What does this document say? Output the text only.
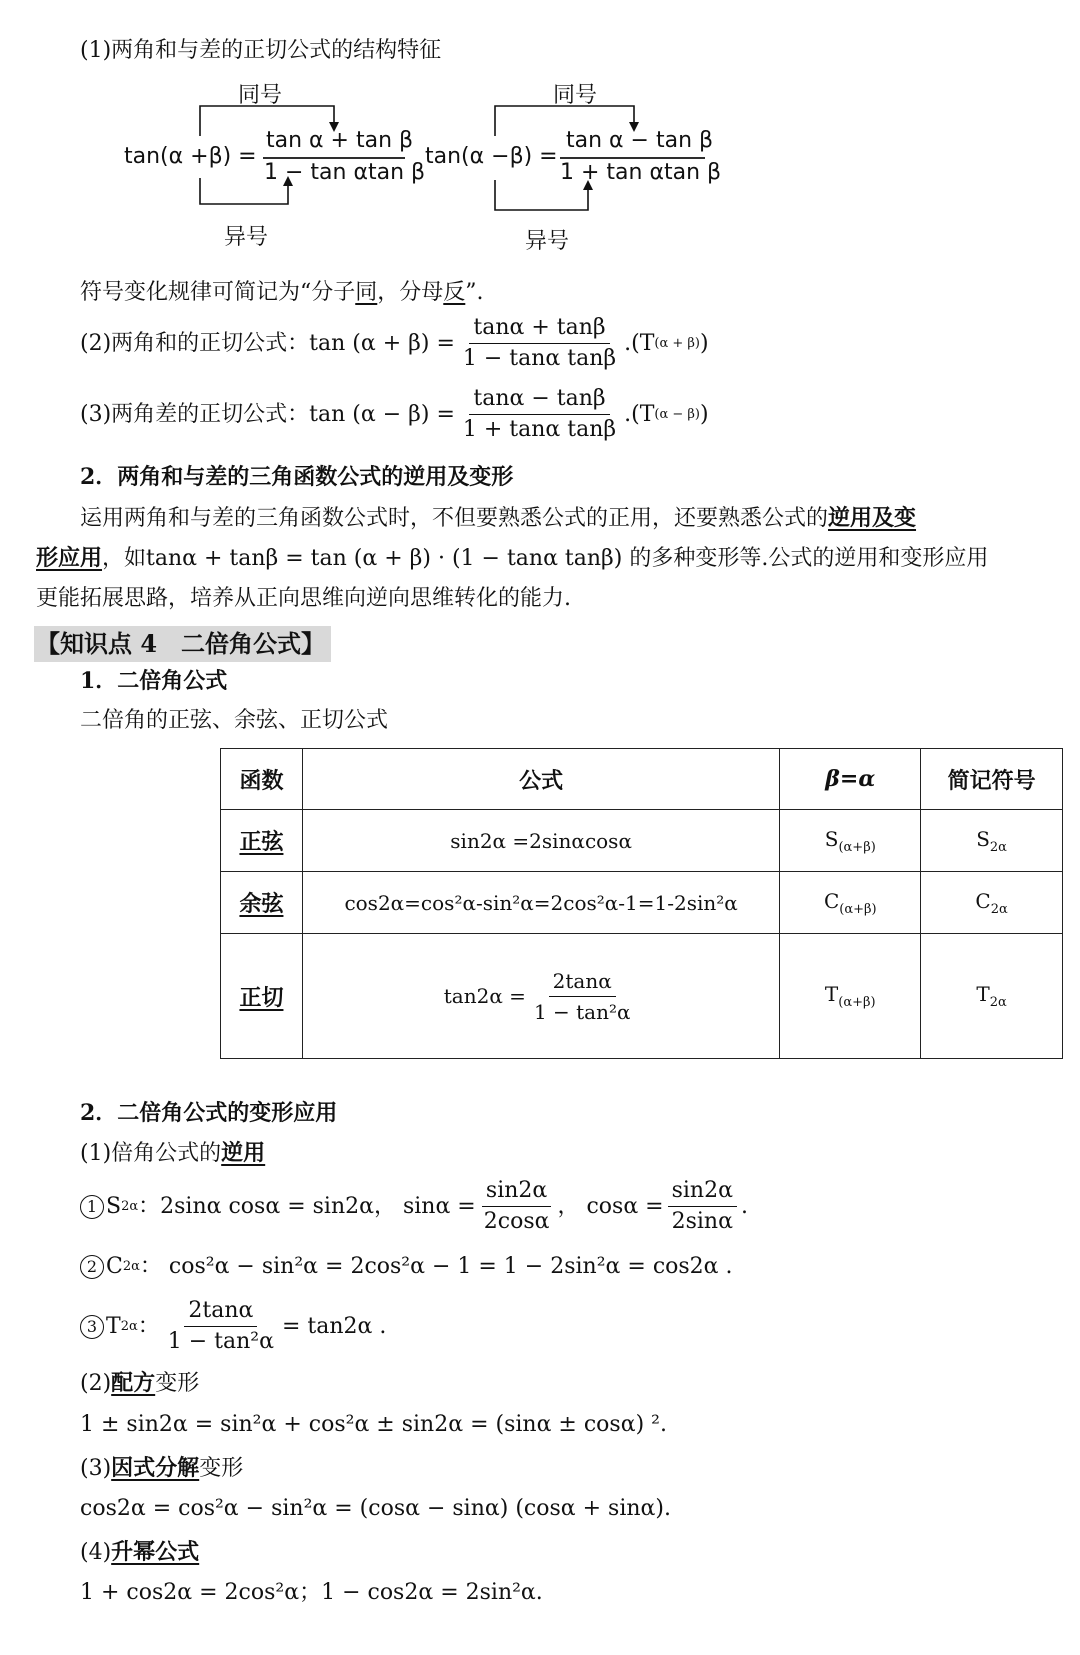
(1)两角和与差的正切公式的结构特征
同号
tan(α +β) =
tan α + tan β
1 − tan αtan β
异号
同号
tan(α −β) =
tan α − tan β
1 + tan αtan β
异号
符号变化规律可简记为“分子同，分母反”.
(2)两角和的正切公式： $\tan (\alpha + \beta) = \frac{\tan\alpha + \tan\beta}{\text{1 − tanα tanβ}} .(T$ (α + β) )
(3)两角差的正切公式： $\tan (\alpha - \beta) = \frac{\tan\alpha - \tan\beta}{\text{1 + tanα tanβ}} .(T$ (α − β) )
2．两角和与差的三角函数公式的逆用及变形
运用两角和与差的三角函数公式时，不但要熟悉公式的正用，还要熟悉公式的逆用及变
形应用，如tanα + tanβ = tan (α + β) · (1 − tanα tanβ) 的多种变形等.公式的逆用和变形应用
更能拓展思路，培养从正向思维向逆向思维转化的能力.
【知识点 4　二倍角公式】
1．二倍角公式
二倍角的正弦、余弦、正切公式
函数	公式	β=α	简记符号
正弦	sin2α =2sinαcosα	$S_{(\alpha+\beta)}$	$S_{2\alpha}$
余弦	cos2α=cos²α-sin²α=2cos²α-1=1-2sin²α	$C_{(\alpha+\beta)}$	$C_{2\alpha}$
正切	$\tan 2\alpha = \frac{2\tan\alpha}{\text{1 − tan²α}}$	$T_{(\alpha+\beta)}$	$T_{2\alpha}$
2．二倍角公式的变形应用
(1)倍角公式的逆用
1 S 2α ：2sinα cosα = sin2α， $\sin\alpha = \frac{\sin 2\alpha}{2\cos\alpha}$ ， $\cos\alpha = \frac{\sin 2\alpha}{2\sin\alpha}$ .
2 C 2α ： cos²α − sin²α = 2cos²α − 1 = 1 − 2sin²α = cos2α .
3 T 2α ： $\frac{2\tan\alpha}{\text{1 − tan²α}} = \tan 2\alpha$ .
(2)配方变形
1 ± sin2α = sin²α + cos²α ± sin2α = (sinα ± cosα) ².
(3)因式分解变形
cos2α = cos²α − sin²α = (cosα − sinα) (cosα + sinα).
(4)升幂公式
1 + cos2α = 2cos²α；1 − cos2α = 2sin²α.
